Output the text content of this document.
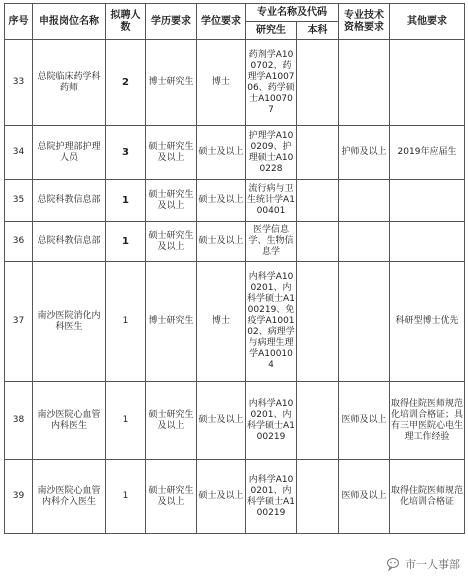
序号	申报岗位名称	拟聘人数	学历要求	学位要求	专业名称及代码		专业技术资格要求	其他要求
					研究生	本科		
33	总院临床药学科药师	2	博士研究生	博士	药剂学A100702、药理学A100706、药学硕士A100707			
34	总院护理部护理人员	3	硕士研究生及以上	硕士及以上	护理学A100209、护理硕士A100228		护师及以上	2019年应届生
35	总院科教信息部	1	硕士研究生及以上	硕士及以上	流行病与卫生统计学A100401			
36	总院科教信息部	1	硕士研究生及以上	硕士及以上	医学信息学、生物信息学			
37	南沙医院消化内科医生	1	博士研究生	博士	内科学A100201、内科学硕士A100219、免疫学A100102、病理学与病理生理学A100104			科研型博士优先
38	南沙医院心血管内科医生	1	硕士研究生及以上	硕士及以上	内科学A100201、内科学硕士A100219		医师及以上	取得住院医师规范化培训合格证；具有三甲医院心电生理工作经验
39	南沙医院心血管内科介入医生	1	硕士研究生及以上	硕士及以上	内科学A100201、内科学硕士A100219		医师及以上	取得住院医师规范化培训合格证
市一人事部
